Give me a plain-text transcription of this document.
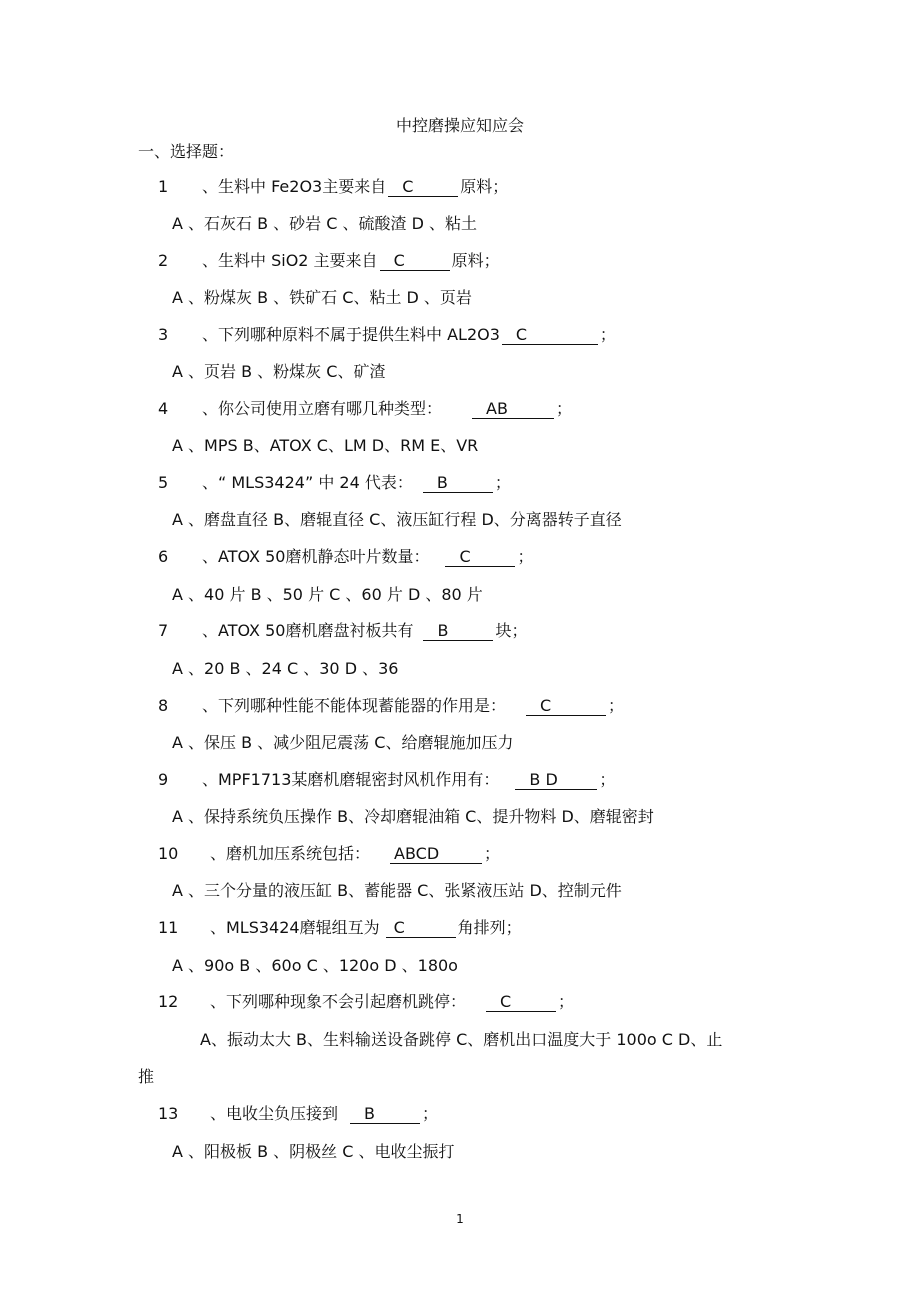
中控磨操应知应会
一、选择题：
1 、生料中 Fe2O3主要来自 C	原料；
A 、石灰石 B 、砂岩 C 、硫酸渣 D 、粘土
2 、生料中 SiO2 主要来自 C	原料；
A 、粉煤灰 B 、铁矿石 C、粘土 D 、页岩
3 、下列哪种原料不属于提供生料中 AL2O3 C	；
A 、页岩 B 、粉煤灰 C、矿渣
4 、你公司使用立磨有哪几种类型：	AB	；
A 、MPS B、ATOX C、LM D、RM E、VR
5 、“ MLS3424” 中 24 代表： B	；
A 、磨盘直径 B、磨辊直径 C、液压缸行程 D、分离器转子直径
6 、ATOX 50磨机静态叶片数量： C	；
A 、40 片 B 、50 片 C 、60 片 D 、80 片
7 、ATOX 50磨机磨盘衬板共有 B	块；
A 、20 B 、24 C 、30 D 、36
8 、下列哪种性能不能体现蓄能器的作用是： C	；
A 、保压 B 、减少阻尼震荡 C、给磨辊施加压力
9 、MPF1713某磨机磨辊密封风机作用有： B D	；
A 、保持系统负压操作 B、冷却磨辊油箱 C、提升物料 D、磨辊密封
10 、磨机加压系统包括： ABCD	；
A 、三个分量的液压缸 B、蓄能器 C、张紧液压站 D、控制元件
11 、MLS3424磨辊组互为 C	角排列；
A 、90o B 、60o C 、120o D 、180o
12 、下列哪种现象不会引起磨机跳停： C	；
A、振动太大 B、生料输送设备跳停 C、磨机出口温度大于 100o C D、止
推
13 、电收尘负压接到 B	；
A 、阳极板 B 、阴极丝 C 、电收尘振打
1
